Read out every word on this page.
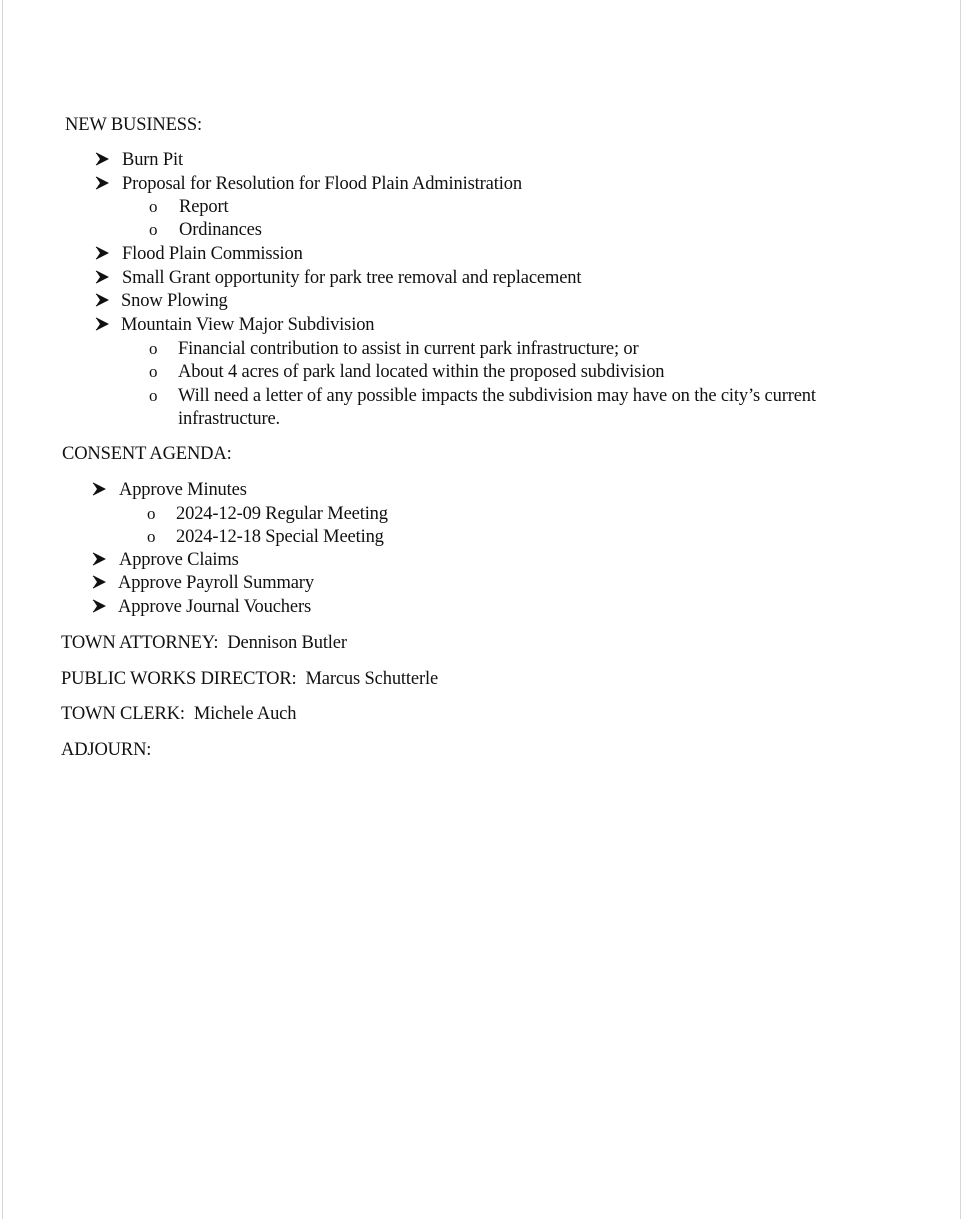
NEW BUSINESS:
Burn Pit
Proposal for Resolution for Flood Plain Administration
o Report
o Ordinances
Flood Plain Commission
Small Grant opportunity for park tree removal and replacement
Snow Plowing
Mountain View Major Subdivision
o Financial contribution to assist in current park infrastructure; or
o About 4 acres of park land located within the proposed subdivision
o Will need a letter of any possible impacts the subdivision may have on the city’s current
infrastructure.
CONSENT AGENDA:
Approve Minutes
o 2024-12-09 Regular Meeting
o 2024-12-18 Special Meeting
Approve Claims
Approve Payroll Summary
Approve Journal Vouchers
TOWN ATTORNEY:  Dennison Butler
PUBLIC WORKS DIRECTOR:  Marcus Schutterle
TOWN CLERK:  Michele Auch
ADJOURN:
